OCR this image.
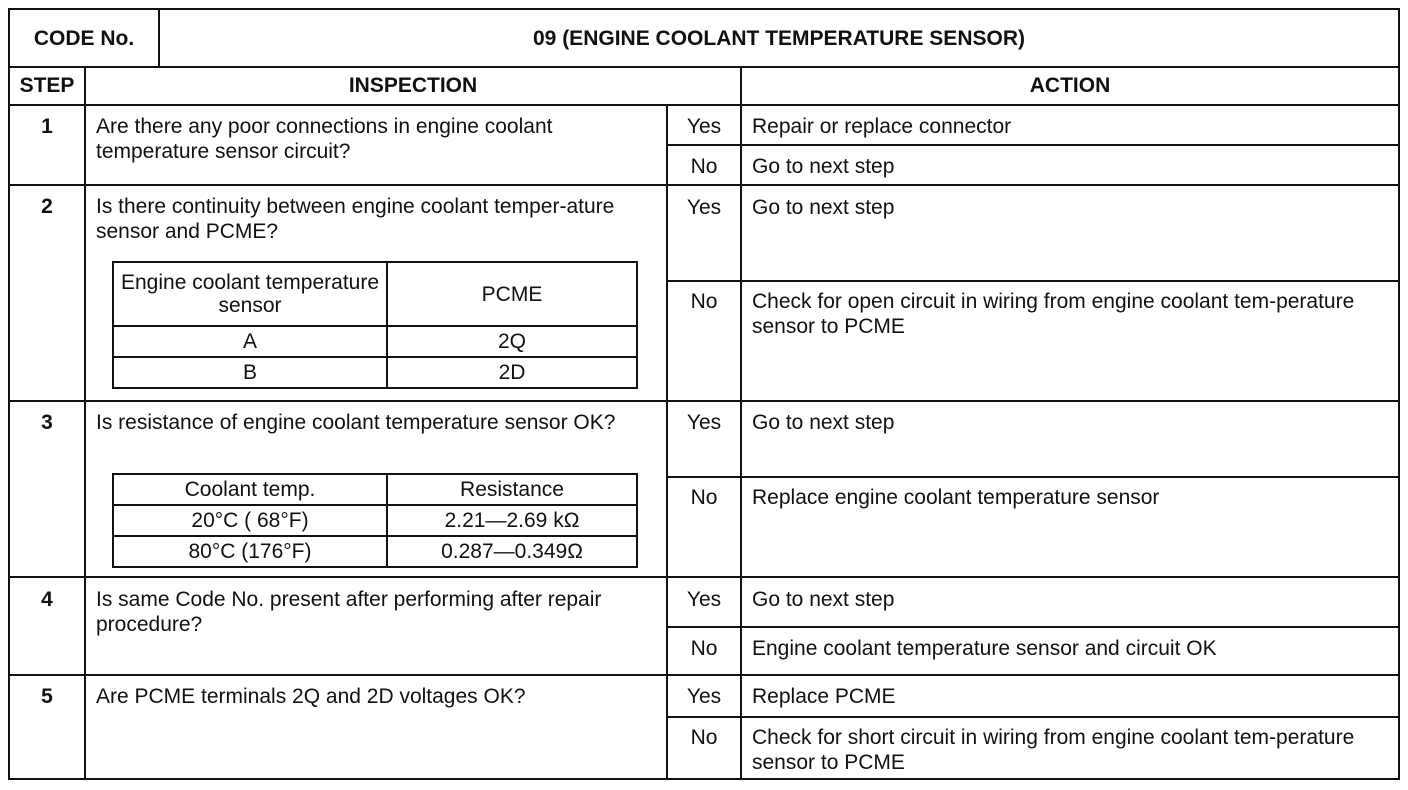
CODE No.	09 (ENGINE COOLANT TEMPERATURE SENSOR)
STEP	INSPECTION	ACTION
1	Are there any poor connections in engine coolant temperature sensor circuit?
Yes	Repair or replace connector
No	Go to next step
2	Is there continuity between engine coolant temper-ature sensor and PCME?
Engine coolant temperature sensor	PCME
A	2Q
B	2D
Yes	Go to next step
No	Check for open circuit in wiring from engine coolant tem-perature sensor to PCME
3	Is resistance of engine coolant temperature sensor OK?
Coolant temp.	Resistance
20°C ( 68°F)	2.21—2.69 kΩ
80°C (176°F)	0.287—0.349Ω
Yes	Go to next step
No	Replace engine coolant temperature sensor
4	Is same Code No. present after performing after repair procedure?
Yes	Go to next step
No	Engine coolant temperature sensor and circuit OK
5	Are PCME terminals 2Q and 2D voltages OK?	Yes	Replace PCME
No	Check for short circuit in wiring from engine coolant tem-perature sensor to PCME
